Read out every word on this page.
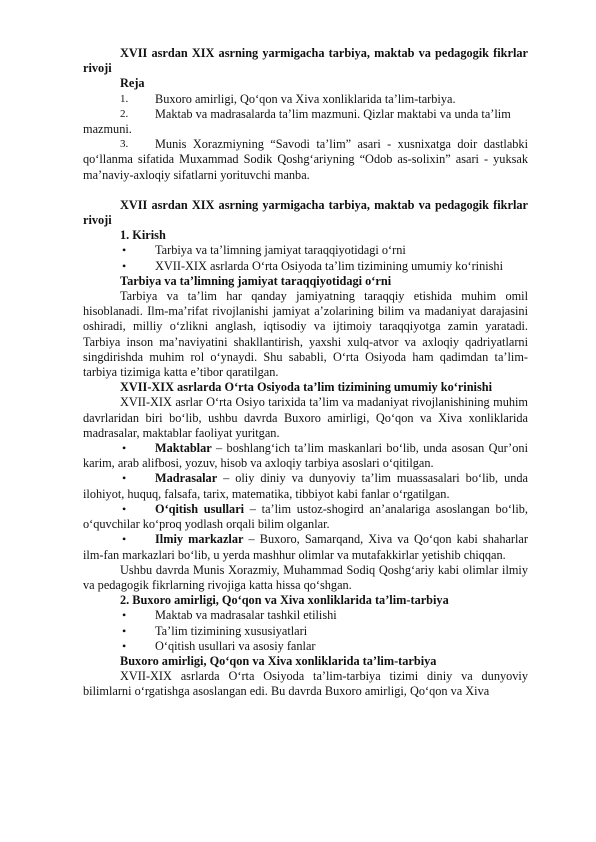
XVII asrdan XIX asrning yarmigacha tarbiya, maktab va pedagogik fikrlar rivoji

Reja

1. Buxoro amirligi, Qo‘qon va Xiva xonliklarida ta’lim-tarbiya.

2. Maktab va madrasalarda ta’lim mazmuni. Qizlar maktabi va unda ta’lim mazmuni.

3. Munis Xorazmiyning “Savodi ta’lim” asari - xusnixatga doir dastlabki qo‘llanma sifatida Muxammad Sodik Qoshg‘ariyning “Odob as-solixin” asari - yuksak ma’naviy-axloqiy sifatlarni yorituvchi manba.

XVII asrdan XIX asrning yarmigacha tarbiya, maktab va pedagogik fikrlar rivoji

1. Kirish

• Tarbiya va ta’limning jamiyat taraqqiyotidagi o‘rni

• XVII-XIX asrlarda O‘rta Osiyoda ta’lim tizimining umumiy ko‘rinishi

Tarbiya va ta’limning jamiyat taraqqiyotidagi o‘rni

Tarbiya va ta’lim har qanday jamiyatning taraqqiy etishida muhim omil hisoblanadi. Ilm-ma’rifat rivojlanishi jamiyat a’zolarining bilim va madaniyat darajasini oshiradi, milliy o‘zlikni anglash, iqtisodiy va ijtimoiy taraqqiyotga zamin yaratadi. Tarbiya inson ma’naviyatini shakllantirish, yaxshi xulq-atvor va axloqiy qadriyatlarni singdirishda muhim rol o‘ynaydi. Shu sababli, O‘rta Osiyoda ham qadimdan ta’lim-tarbiya tizimiga katta e’tibor qaratilgan.

XVII-XIX asrlarda O‘rta Osiyoda ta’lim tizimining umumiy ko‘rinishi

XVII-XIX asrlar O‘rta Osiyo tarixida ta’lim va madaniyat rivojlanishining muhim davrlaridan biri bo‘lib, ushbu davrda Buxoro amirligi, Qo‘qon va Xiva xonliklarida madrasalar, maktablar faoliyat yuritgan.

• Maktablar – boshlang‘ich ta’lim maskanlari bo‘lib, unda asosan Qur’oni karim, arab alifbosi, yozuv, hisob va axloqiy tarbiya asoslari o‘qitilgan.

• Madrasalar – oliy diniy va dunyoviy ta’lim muassasalari bo‘lib, unda ilohiyot, huquq, falsafa, tarix, matematika, tibbiyot kabi fanlar o‘rgatilgan.

• O‘qitish usullari – ta’lim ustoz-shogird an’analariga asoslangan bo‘lib, o‘quvchilar ko‘proq yodlash orqali bilim olganlar.

• Ilmiy markazlar – Buxoro, Samarqand, Xiva va Qo‘qon kabi shaharlar ilm-fan markazlari bo‘lib, u yerda mashhur olimlar va mutafakkirlar yetishib chiqqan.

Ushbu davrda Munis Xorazmiy, Muhammad Sodiq Qoshg‘ariy kabi olimlar ilmiy va pedagogik fikrlarning rivojiga katta hissa qo‘shgan.

2. Buxoro amirligi, Qo‘qon va Xiva xonliklarida ta’lim-tarbiya

• Maktab va madrasalar tashkil etilishi

• Ta’lim tizimining xususiyatlari

• O‘qitish usullari va asosiy fanlar

Buxoro amirligi, Qo‘qon va Xiva xonliklarida ta’lim-tarbiya

XVII-XIX asrlarda O‘rta Osiyoda ta’lim-tarbiya tizimi diniy va dunyoviy bilimlarni o‘rgatishga asoslangan edi. Bu davrda Buxoro amirligi, Qo‘qon va Xiva
